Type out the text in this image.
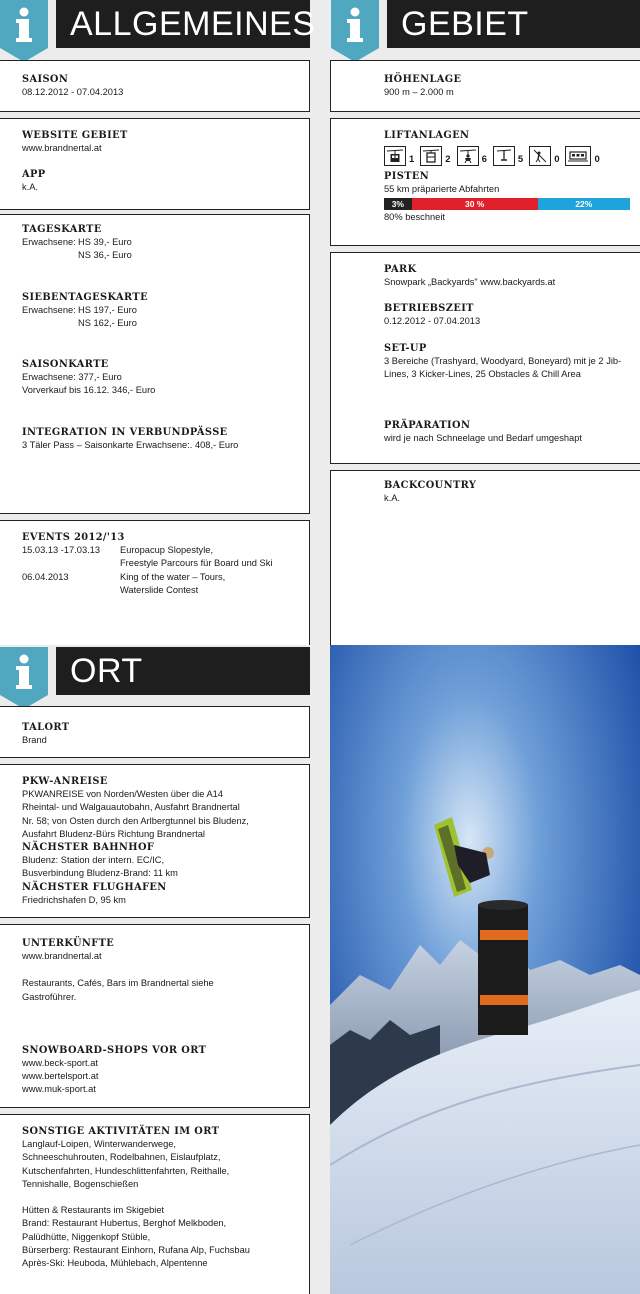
ALLGEMEINES	GEBIET
ORT
SAISON
08.12.2012 - 07.04.2013
WEBSITE GEBIET
www.brandnertal.at
APP
k.A.
TAGESKARTE
Erwachsene: HS 39,- Euro
NS 36,- Euro
SIEBENTAGESKARTE
Erwachsene: HS 197,- Euro
NS 162,- Euro
SAISONKARTE
Erwachsene: 377,- Euro
Vorverkauf bis 16.12. 346,- Euro
INTEGRATION IN VERBUNDPÄSSE
3 Täler Pass – Saisonkarte Erwachsene:. 408,- Euro
EVENTS 2012/'13
15.03.13 -17.03.13	Europacup Slopestyle,
Freestyle Parcours für Board und Ski
06.04.2013	King of the water – Tours,
Waterslide Contest
HÖHENLAGE
900 m – 2.000 m
LIFTANLAGEN
1	2	6	5	0	0
PISTEN
55 km präparierte Abfahrten
3%	30 %	22%
80% beschneit
PARK
Snowpark „Backyards" www.backyards.at
BETRIEBSZEIT
0.12.2012 - 07.04.2013
SET-UP
3 Bereiche (Trashyard, Woodyard, Boneyard) mit je 2 Jib-
Lines, 3 Kicker-Lines, 25 Obstacles & Chill Area
PRÄPARATION
wird je nach Schneelage und Bedarf umgeshapt
BACKCOUNTRY
k.A.
TALORT
Brand
PKW-ANREISE
PKWANREISE von Norden/Westen über die A14
Rheintal- und Walgauautobahn, Ausfahrt Brandnertal
Nr. 58; von Osten durch den Arlbergtunnel bis Bludenz,
Ausfahrt Bludenz-Bürs Richtung Brandnertal
NÄCHSTER BAHNHOF
Bludenz: Station der intern. EC/IC,
Busverbindung Bludenz-Brand: 11 km
NÄCHSTER FLUGHAFEN
Friedrichshafen D, 95 km
UNTERKÜNFTE
www.brandnertal.at
Restaurants, Cafés, Bars im Brandnertal siehe
Gastroführer.
SNOWBOARD-SHOPS VOR ORT
www.beck-sport.at
www.bertelsport.at
www.muk-sport.at
SONSTIGE AKTIVITÄTEN IM ORT
Langlauf-Loipen, Winterwanderwege,
Schneeschuhrouten, Rodelbahnen, Eislaufplatz,
Kutschenfahrten, Hundeschlittenfahrten, Reithalle,
Tennishalle, Bogenschießen
Hütten & Restaurants im Skigebiet
Brand: Restaurant Hubertus, Berghof Melkboden,
Palüdhütte, Niggenkopf Stüble,
Bürserberg: Restaurant Einhorn, Rufana Alp, Fuchsbau
Après-Ski: Heuboda, Mühlebach, Alpentenne
